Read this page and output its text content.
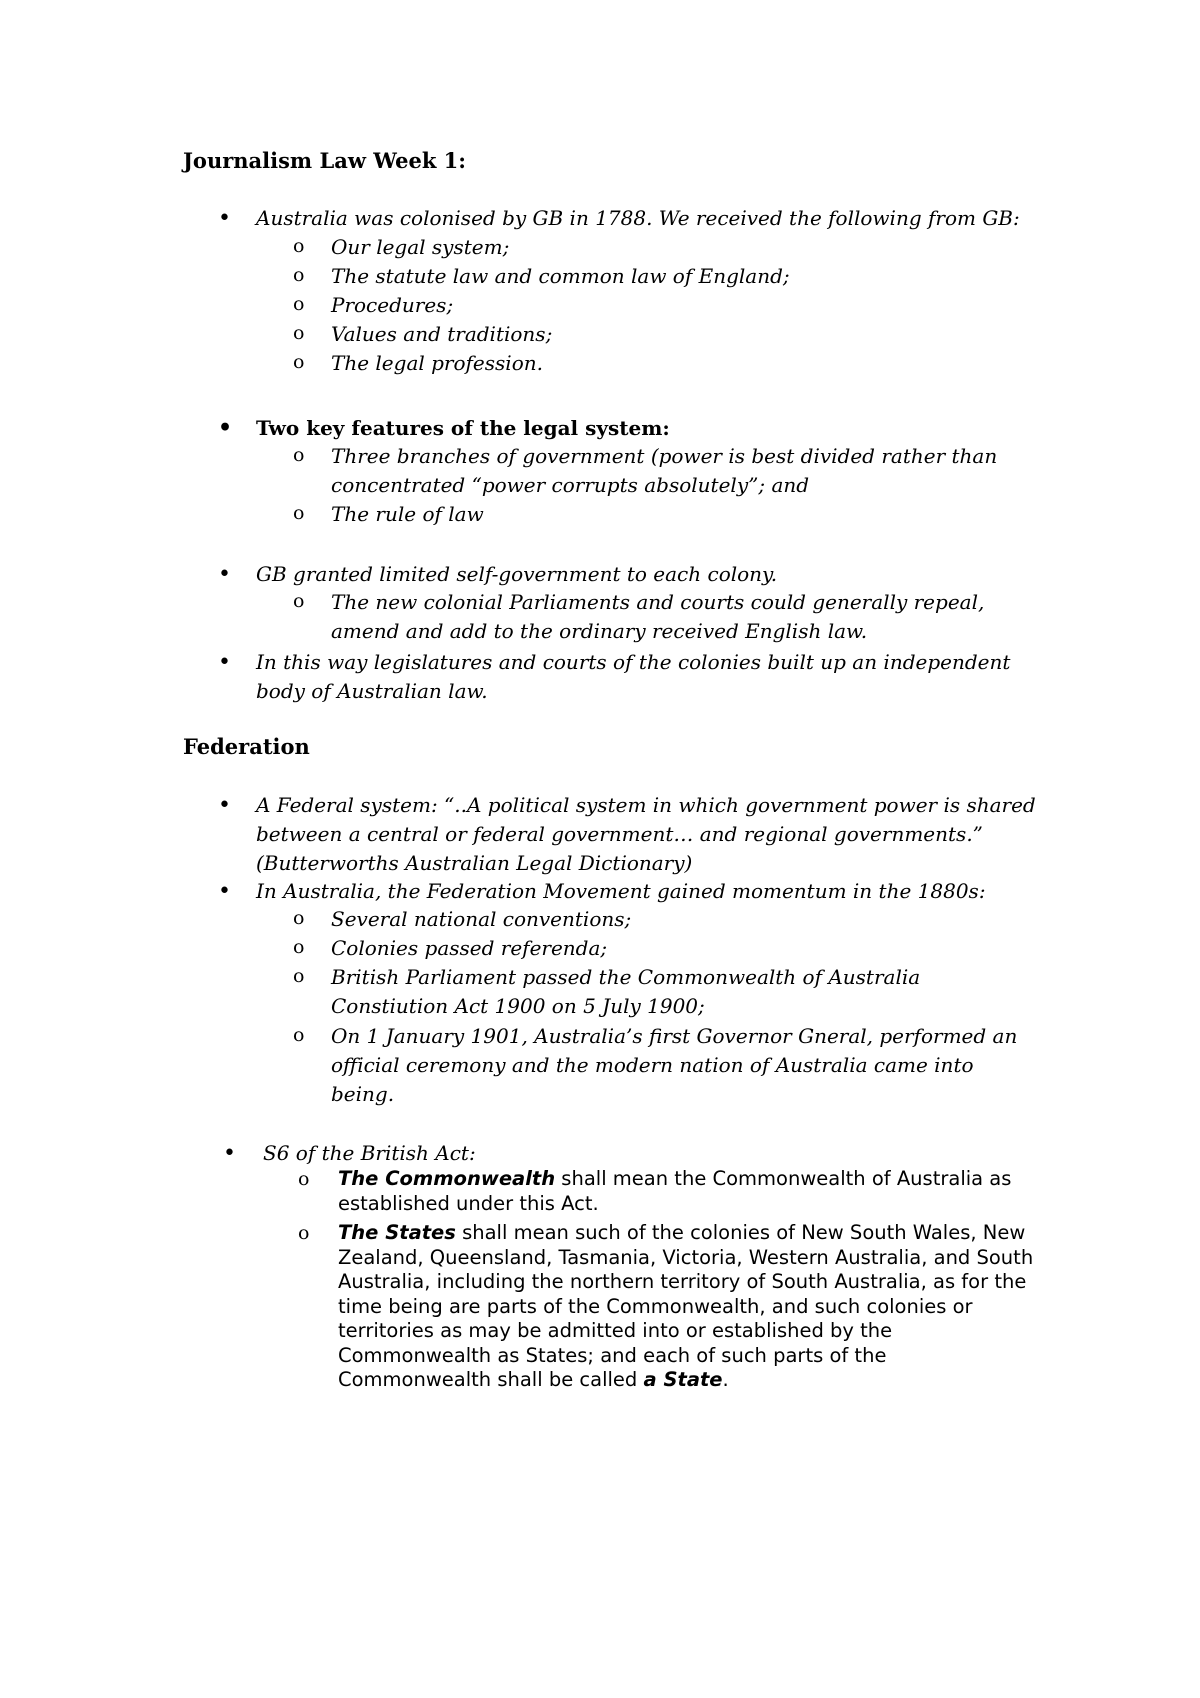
Journalism Law Week 1:
• Australia was colonised by GB in 1788. We received the following from GB:
o Our legal system;
o The statute law and common law of England;
o Procedures;
o Values and traditions;
o The legal profession.
• Two key features of the legal system:
o Three branches of government (power is best divided rather than concentrated “power corrupts absolutely”; and
o The rule of law
• GB granted limited self-government to each colony.
o The new colonial Parliaments and courts could generally repeal, amend and add to the ordinary received English law.
• In this way legislatures and courts of the colonies built up an independent body of Australian law.
Federation
• A Federal system: “..A political system in which government power is shared between a central or federal government… and regional governments.” (Butterworths Australian Legal Dictionary)
• In Australia, the Federation Movement gained momentum in the 1880s:
o Several national conventions;
o Colonies passed referenda;
o British Parliament passed the Commonwealth of Australia Constiution Act 1900 on 5 July 1900;
o On 1 January 1901, Australia’s first Governor Gneral, performed an official ceremony and the modern nation of Australia came into being.
• S6 of the British Act:
o The Commonwealth shall mean the Commonwealth of Australia as established under this Act.
o The States shall mean such of the colonies of New South Wales, New Zealand, Queensland, Tasmania, Victoria, Western Australia, and South Australia, including the northern territory of South Australia, as for the time being are parts of the Commonwealth, and such colonies or territories as may be admitted into or established by the Commonwealth as States; and each of such parts of the Commonwealth shall be called a State.
